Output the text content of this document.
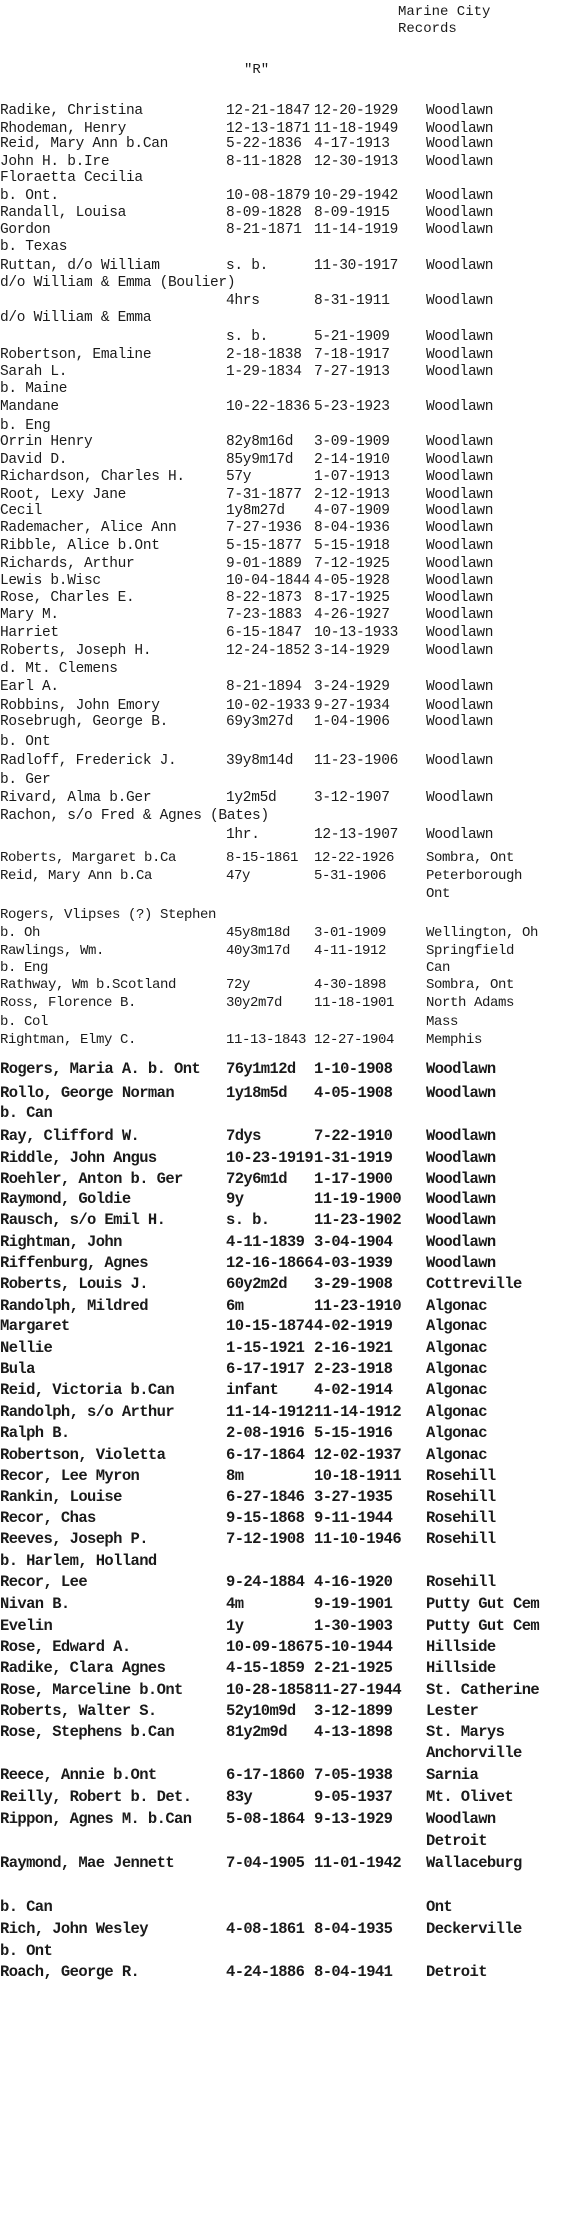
Marine City
Records
"R"
Radike, Christina	12-21-1847 12-20-1929 Woodlawn
Rhodeman, Henry	12-13-1871 11-18-1949 Woodlawn
Reid, Mary Ann b.Can	5-22-1836 4-17-1913	Woodlawn
John H. b.Ire	8-11-1828 12-30-1913 Woodlawn
Floraetta Cecilia
b. Ont.	10-08-1879 10-29-1942 Woodlawn
Randall, Louisa	8-09-1828 8-09-1915	Woodlawn
Gordon	8-21-1871 11-14-1919 Woodlawn
b. Texas
Ruttan, d/o William	s. b.	11-30-1917 Woodlawn
d/o William & Emma (Boulier)
4hrs	8-31-1911	Woodlawn
d/o William & Emma
s. b.	5-21-1909	Woodlawn
Robertson, Emaline	2-18-1838 7-18-1917	Woodlawn
Sarah L.	1-29-1834 7-27-1913	Woodlawn
b. Maine
Mandane	10-22-1836 5-23-1923	Woodlawn
b. Eng
Orrin Henry	82y8m16d 3-09-1909	Woodlawn
David D.	85y9m17d 2-14-1910	Woodlawn
Richardson, Charles H.	57y	1-07-1913	Woodlawn
Root, Lexy Jane	7-31-1877 2-12-1913	Woodlawn
Cecil	1y8m27d 4-07-1909	Woodlawn
Rademacher, Alice Ann	7-27-1936 8-04-1936	Woodlawn
Ribble, Alice b.Ont	5-15-1877 5-15-1918	Woodlawn
Richards, Arthur	9-01-1889 7-12-1925	Woodlawn
Lewis b.Wisc	10-04-1844 4-05-1928	Woodlawn
Rose, Charles E.	8-22-1873 8-17-1925	Woodlawn
Mary M.	7-23-1883 4-26-1927	Woodlawn
Harriet	6-15-1847 10-13-1933 Woodlawn
Roberts, Joseph H.	12-24-1852 3-14-1929	Woodlawn
d. Mt. Clemens
Earl A.	8-21-1894 3-24-1929	Woodlawn
Robbins, John Emory	10-02-1933 9-27-1934	Woodlawn
Rosebrugh, George B.	69y3m27d 1-04-1906	Woodlawn
b. Ont
Radloff, Frederick J.	39y8m14d 11-23-1906 Woodlawn
b. Ger
Rivard, Alma b.Ger	1y2m5d	3-12-1907	Woodlawn
Rachon, s/o Fred & Agnes (Bates)
1hr.	12-13-1907 Woodlawn
Roberts, Margaret b.Ca	8-15-1861 12-22-1926 Sombra, Ont
Reid, Mary Ann b.Ca	47y	5-31-1906	Peterborough
Ont
Rogers, Vlipses (?) Stephen
b. Oh	45y8m18d 3-01-1909	Wellington, Oh
Rawlings, Wm.	40y3m17d 4-11-1912	Springfield
b. Eng	Can
Rathway, Wm b.Scotland	72y	4-30-1898	Sombra, Ont
Ross, Florence B.	30y2m7d 11-18-1901 North Adams
b. Col	Mass
Rightman, Elmy C.	11-13-1843 12-27-1904 Memphis
Rogers, Maria A. b. Ont 76y1m12d 1-10-1908 Woodlawn
Rollo, George Norman	1y18m5d 4-05-1908 Woodlawn
b. Can
Ray, Clifford W.	7dys	7-22-1910 Woodlawn
Riddle, John Angus	10-23-1919 1-31-1919 Woodlawn
Roehler, Anton b. Ger	72y6m1d 1-17-1900 Woodlawn
Raymond, Goldie	9y	11-19-1900 Woodlawn
Rausch, s/o Emil H.	s. b.	11-23-1902 Woodlawn
Rightman, John	4-11-1839 3-04-1904 Woodlawn
Riffenburg, Agnes	12-16-1866 4-03-1939 Woodlawn
Roberts, Louis J.	60y2m2d 3-29-1908 Cottreville
Randolph, Mildred	6m	11-23-1910 Algonac
Margaret	10-15-1874 4-02-1919 Algonac
Nellie	1-15-1921 2-16-1921 Algonac
Bula	6-17-1917 2-23-1918 Algonac
Reid, Victoria b.Can	infant 4-02-1914 Algonac
Randolph, s/o Arthur	11-14-1912 11-14-1912 Algonac
Ralph B.	2-08-1916 5-15-1916 Algonac
Robertson, Violetta	6-17-1864 12-02-1937 Algonac
Recor, Lee Myron	8m	10-18-1911 Rosehill
Rankin, Louise	6-27-1846 3-27-1935 Rosehill
Recor, Chas	9-15-1868 9-11-1944 Rosehill
Reeves, Joseph P.	7-12-1908 11-10-1946 Rosehill
b. Harlem, Holland
Recor, Lee	9-24-1884 4-16-1920 Rosehill
Nivan B.	4m	9-19-1901 Putty Gut Cem
Evelin	1y	1-30-1903 Putty Gut Cem
Rose, Edward A.	10-09-1867 5-10-1944 Hillside
Radike, Clara Agnes	4-15-1859 2-21-1925 Hillside
Rose, Marceline b.Ont	10-28-1858 11-27-1944 St. Catherine
Roberts, Walter S.	52y10m9d 3-12-1899 Lester
Rose, Stephens b.Can	81y2m9d 4-13-1898 St. Marys
Anchorville
Reece, Annie b.Ont	6-17-1860 7-05-1938 Sarnia
Reilly, Robert b. Det. 83y	9-05-1937 Mt. Olivet
Rippon, Agnes M. b.Can 5-08-1864 9-13-1929 Woodlawn
Detroit
Raymond, Mae Jennett	7-04-1905 11-01-1942 Wallaceburg
b. Can	Ont
Rich, John Wesley	4-08-1861 8-04-1935 Deckerville
b. Ont
Roach, George R.	4-24-1886 8-04-1941 Detroit
